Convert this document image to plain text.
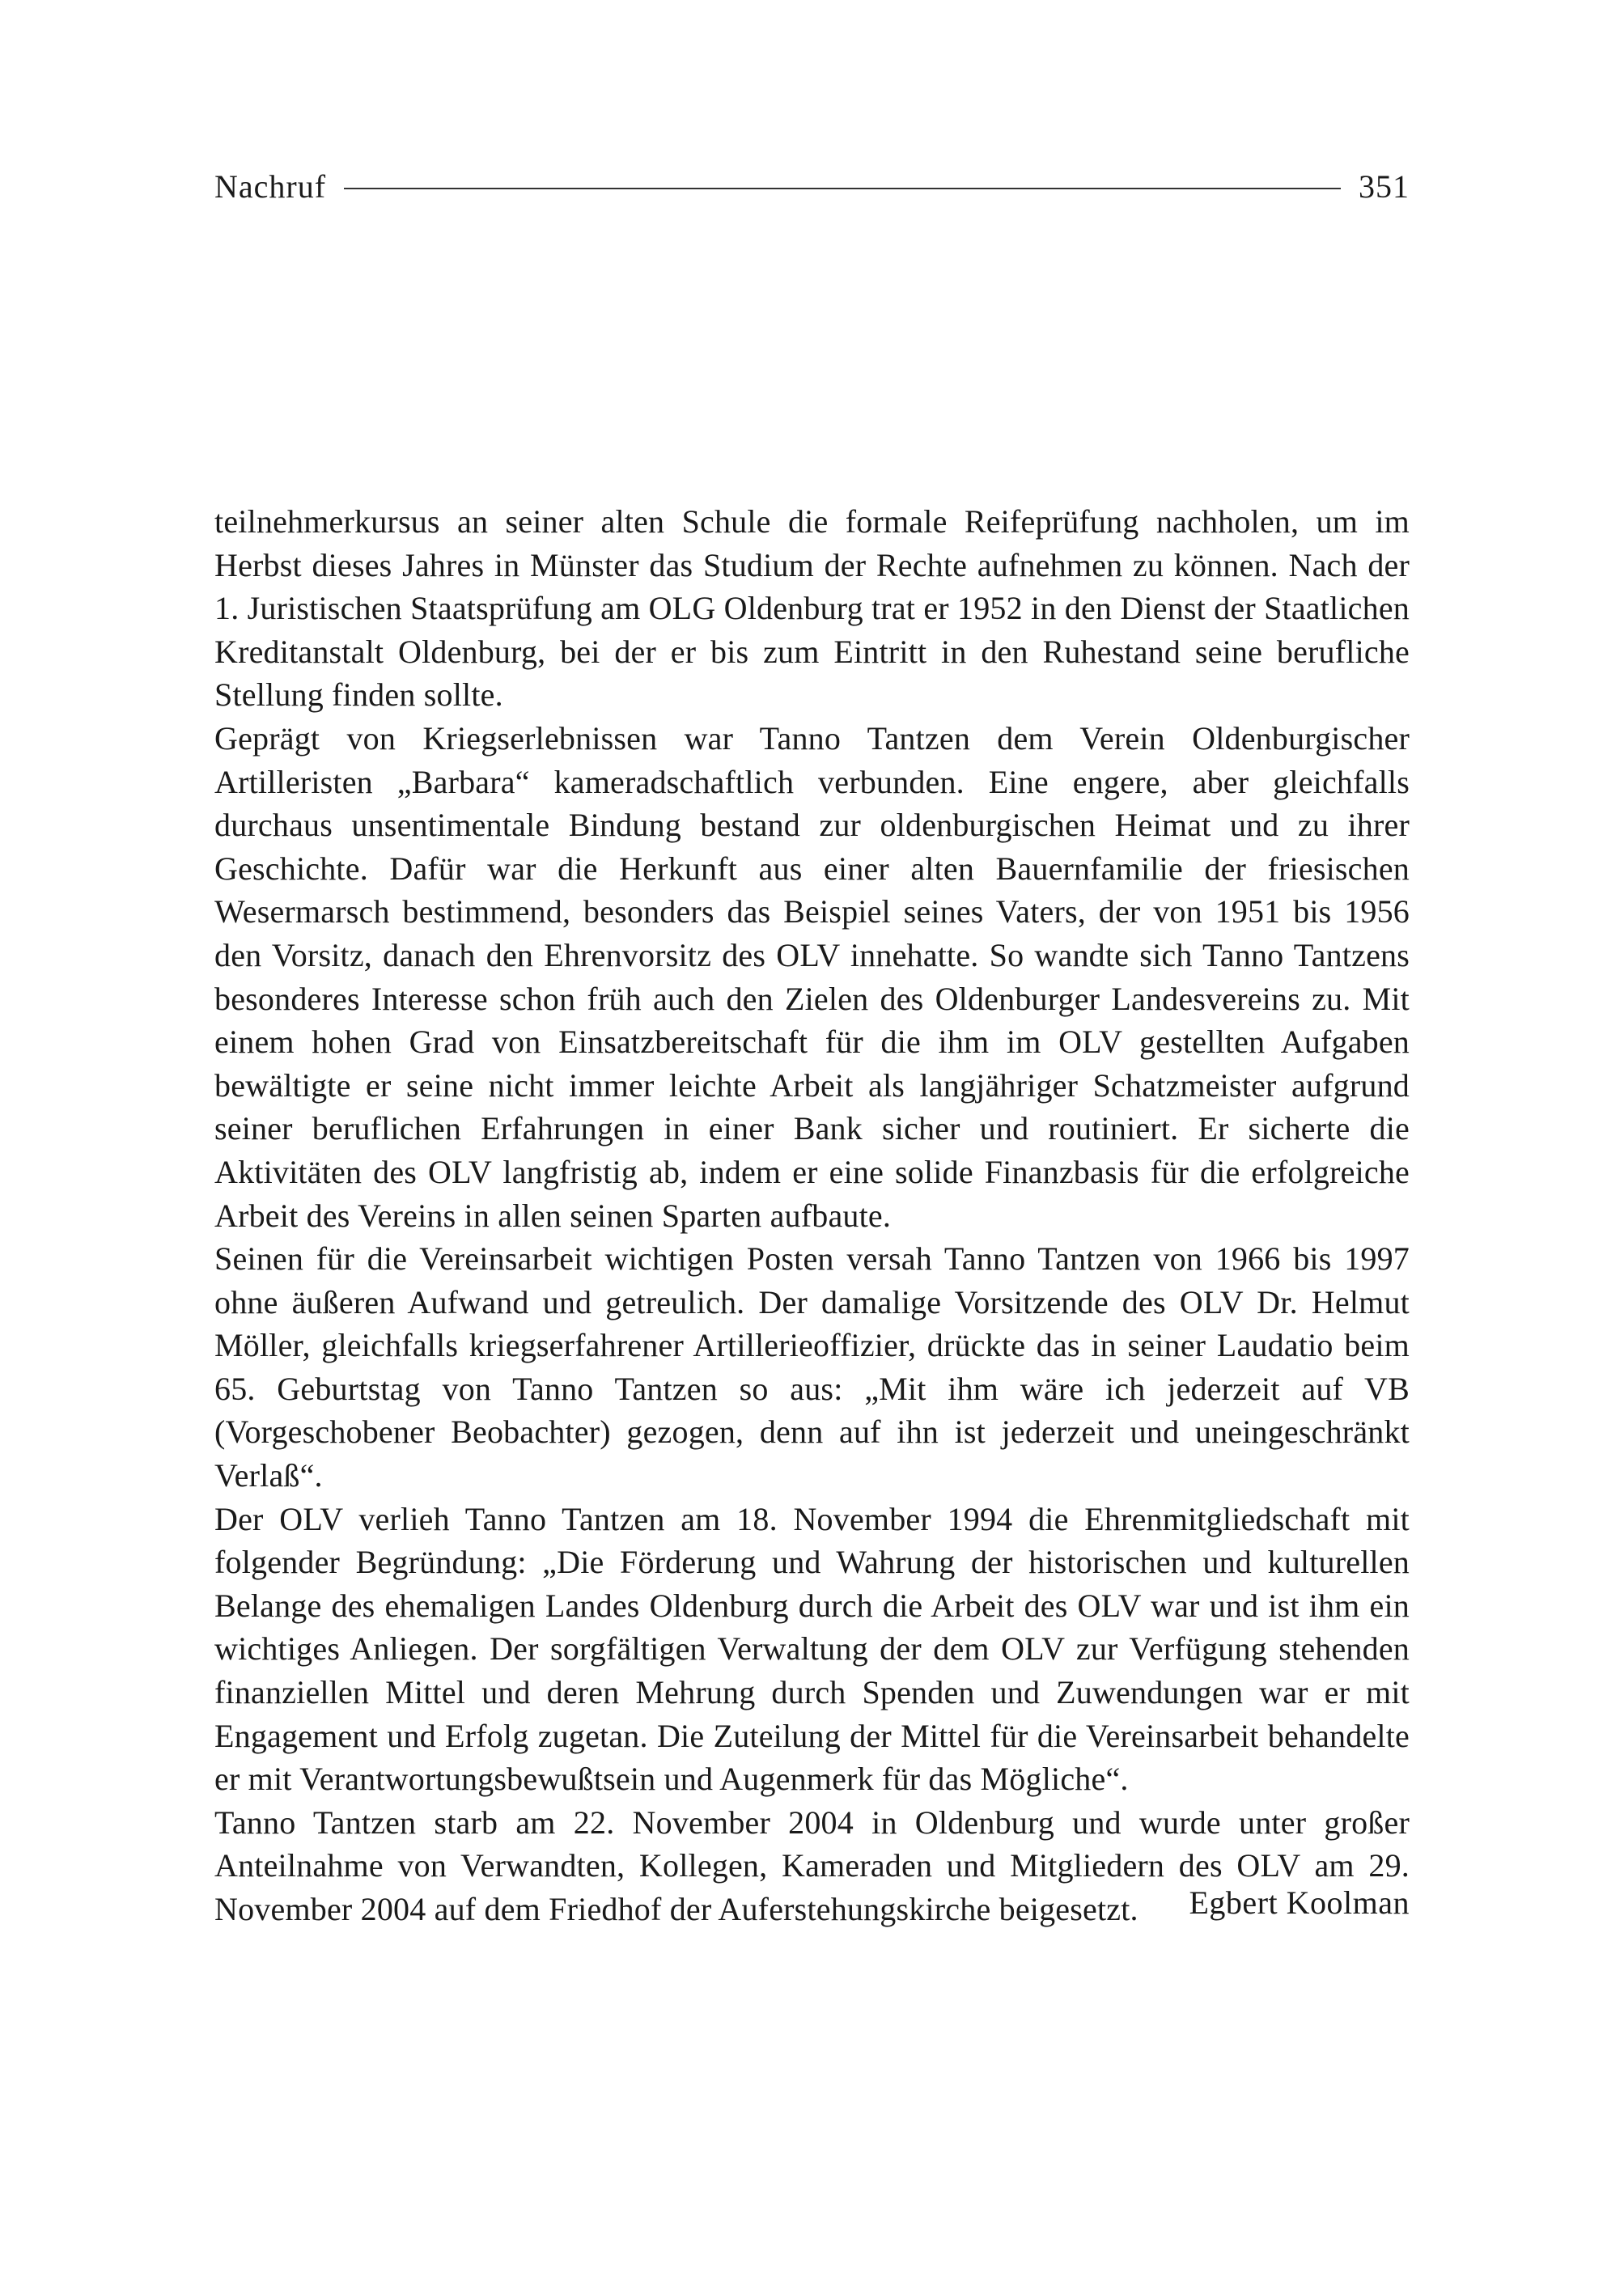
Nachruf	351

teilnehmerkursus an seiner alten Schule die formale Reifeprüfung nachholen, um im Herbst dieses Jahres in Münster das Studium der Rechte aufnehmen zu können. Nach der 1. Juristischen Staatsprüfung am OLG Oldenburg trat er 1952 in den Dienst der Staatlichen Kreditanstalt Oldenburg, bei der er bis zum Eintritt in den Ruhestand seine berufliche Stellung finden sollte.

Geprägt von Kriegserlebnissen war Tanno Tantzen dem Verein Oldenburgischer Artilleristen „Barbara“ kameradschaftlich verbunden. Eine engere, aber gleichfalls durchaus unsentimentale Bindung bestand zur oldenburgischen Heimat und zu ihrer Geschichte. Dafür war die Herkunft aus einer alten Bauernfamilie der friesischen Wesermarsch bestimmend, besonders das Beispiel seines Vaters, der von 1951 bis 1956 den Vorsitz, danach den Ehrenvorsitz des OLV innehatte. So wandte sich Tanno Tantzens besonderes Interesse schon früh auch den Zielen des Oldenburger Landesvereins zu. Mit einem hohen Grad von Einsatzbereitschaft für die ihm im OLV gestellten Aufgaben bewältigte er seine nicht immer leichte Arbeit als langjähriger Schatzmeister aufgrund seiner beruflichen Erfahrungen in einer Bank sicher und routiniert. Er sicherte die Aktivitäten des OLV langfristig ab, indem er eine solide Finanzbasis für die erfolgreiche Arbeit des Vereins in allen seinen Sparten aufbaute.

Seinen für die Vereinsarbeit wichtigen Posten versah Tanno Tantzen von 1966 bis 1997 ohne äußeren Aufwand und getreulich. Der damalige Vorsitzende des OLV Dr. Helmut Möller, gleichfalls kriegserfahrener Artillerieoffizier, drückte das in seiner Laudatio beim 65. Geburtstag von Tanno Tantzen so aus: „Mit ihm wäre ich jederzeit auf VB (Vorgeschobener Beobachter) gezogen, denn auf ihn ist jederzeit und uneingeschränkt Verlaß“.

Der OLV verlieh Tanno Tantzen am 18. November 1994 die Ehrenmitgliedschaft mit folgender Begründung: „Die Förderung und Wahrung der historischen und kulturellen Belange des ehemaligen Landes Oldenburg durch die Arbeit des OLV war und ist ihm ein wichtiges Anliegen. Der sorgfältigen Verwaltung der dem OLV zur Verfügung stehenden finanziellen Mittel und deren Mehrung durch Spenden und Zuwendungen war er mit Engagement und Erfolg zugetan. Die Zuteilung der Mittel für die Vereinsarbeit behandelte er mit Verantwortungsbewußtsein und Augenmerk für das Mögliche“.

Tanno Tantzen starb am 22. November 2004 in Oldenburg und wurde unter großer Anteilnahme von Verwandten, Kollegen, Kameraden und Mitgliedern des OLV am 29. November 2004 auf dem Friedhof der Auferstehungskirche beigesetzt.	Egbert Koolman
